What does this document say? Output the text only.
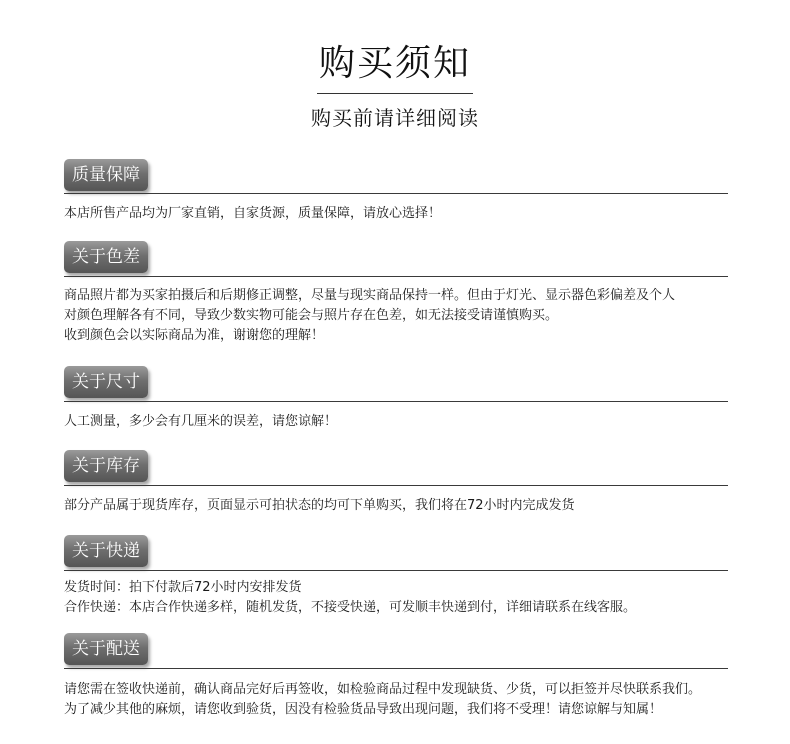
购买须知
购买前请详细阅读
质量保障
本店所售产品均为厂家直销，自家货源，质量保障，请放心选择！
关于色差
商品照片都为买家拍摄后和后期修正调整，尽量与现实商品保持一样。但由于灯光、显示器色彩偏差及个人
对颜色理解各有不同，导致少数实物可能会与照片存在色差，如无法接受请谨慎购买。
收到颜色会以实际商品为准，谢谢您的理解！
关于尺寸
人工测量，多少会有几厘米的误差，请您谅解！
关于库存
部分产品属于现货库存，页面显示可拍状态的均可下单购买，我们将在72小时内完成发货
关于快递
发货时间：拍下付款后72小时内安排发货
合作快递：本店合作快递多样，随机发货，不接受快递，可发顺丰快递到付，详细请联系在线客服。
关于配送
请您需在签收快递前，确认商品完好后再签收，如检验商品过程中发现缺货、少货，可以拒签并尽快联系我们。
为了减少其他的麻烦，请您收到验货，因没有检验货品导致出现问题，我们将不受理！请您谅解与知属！
